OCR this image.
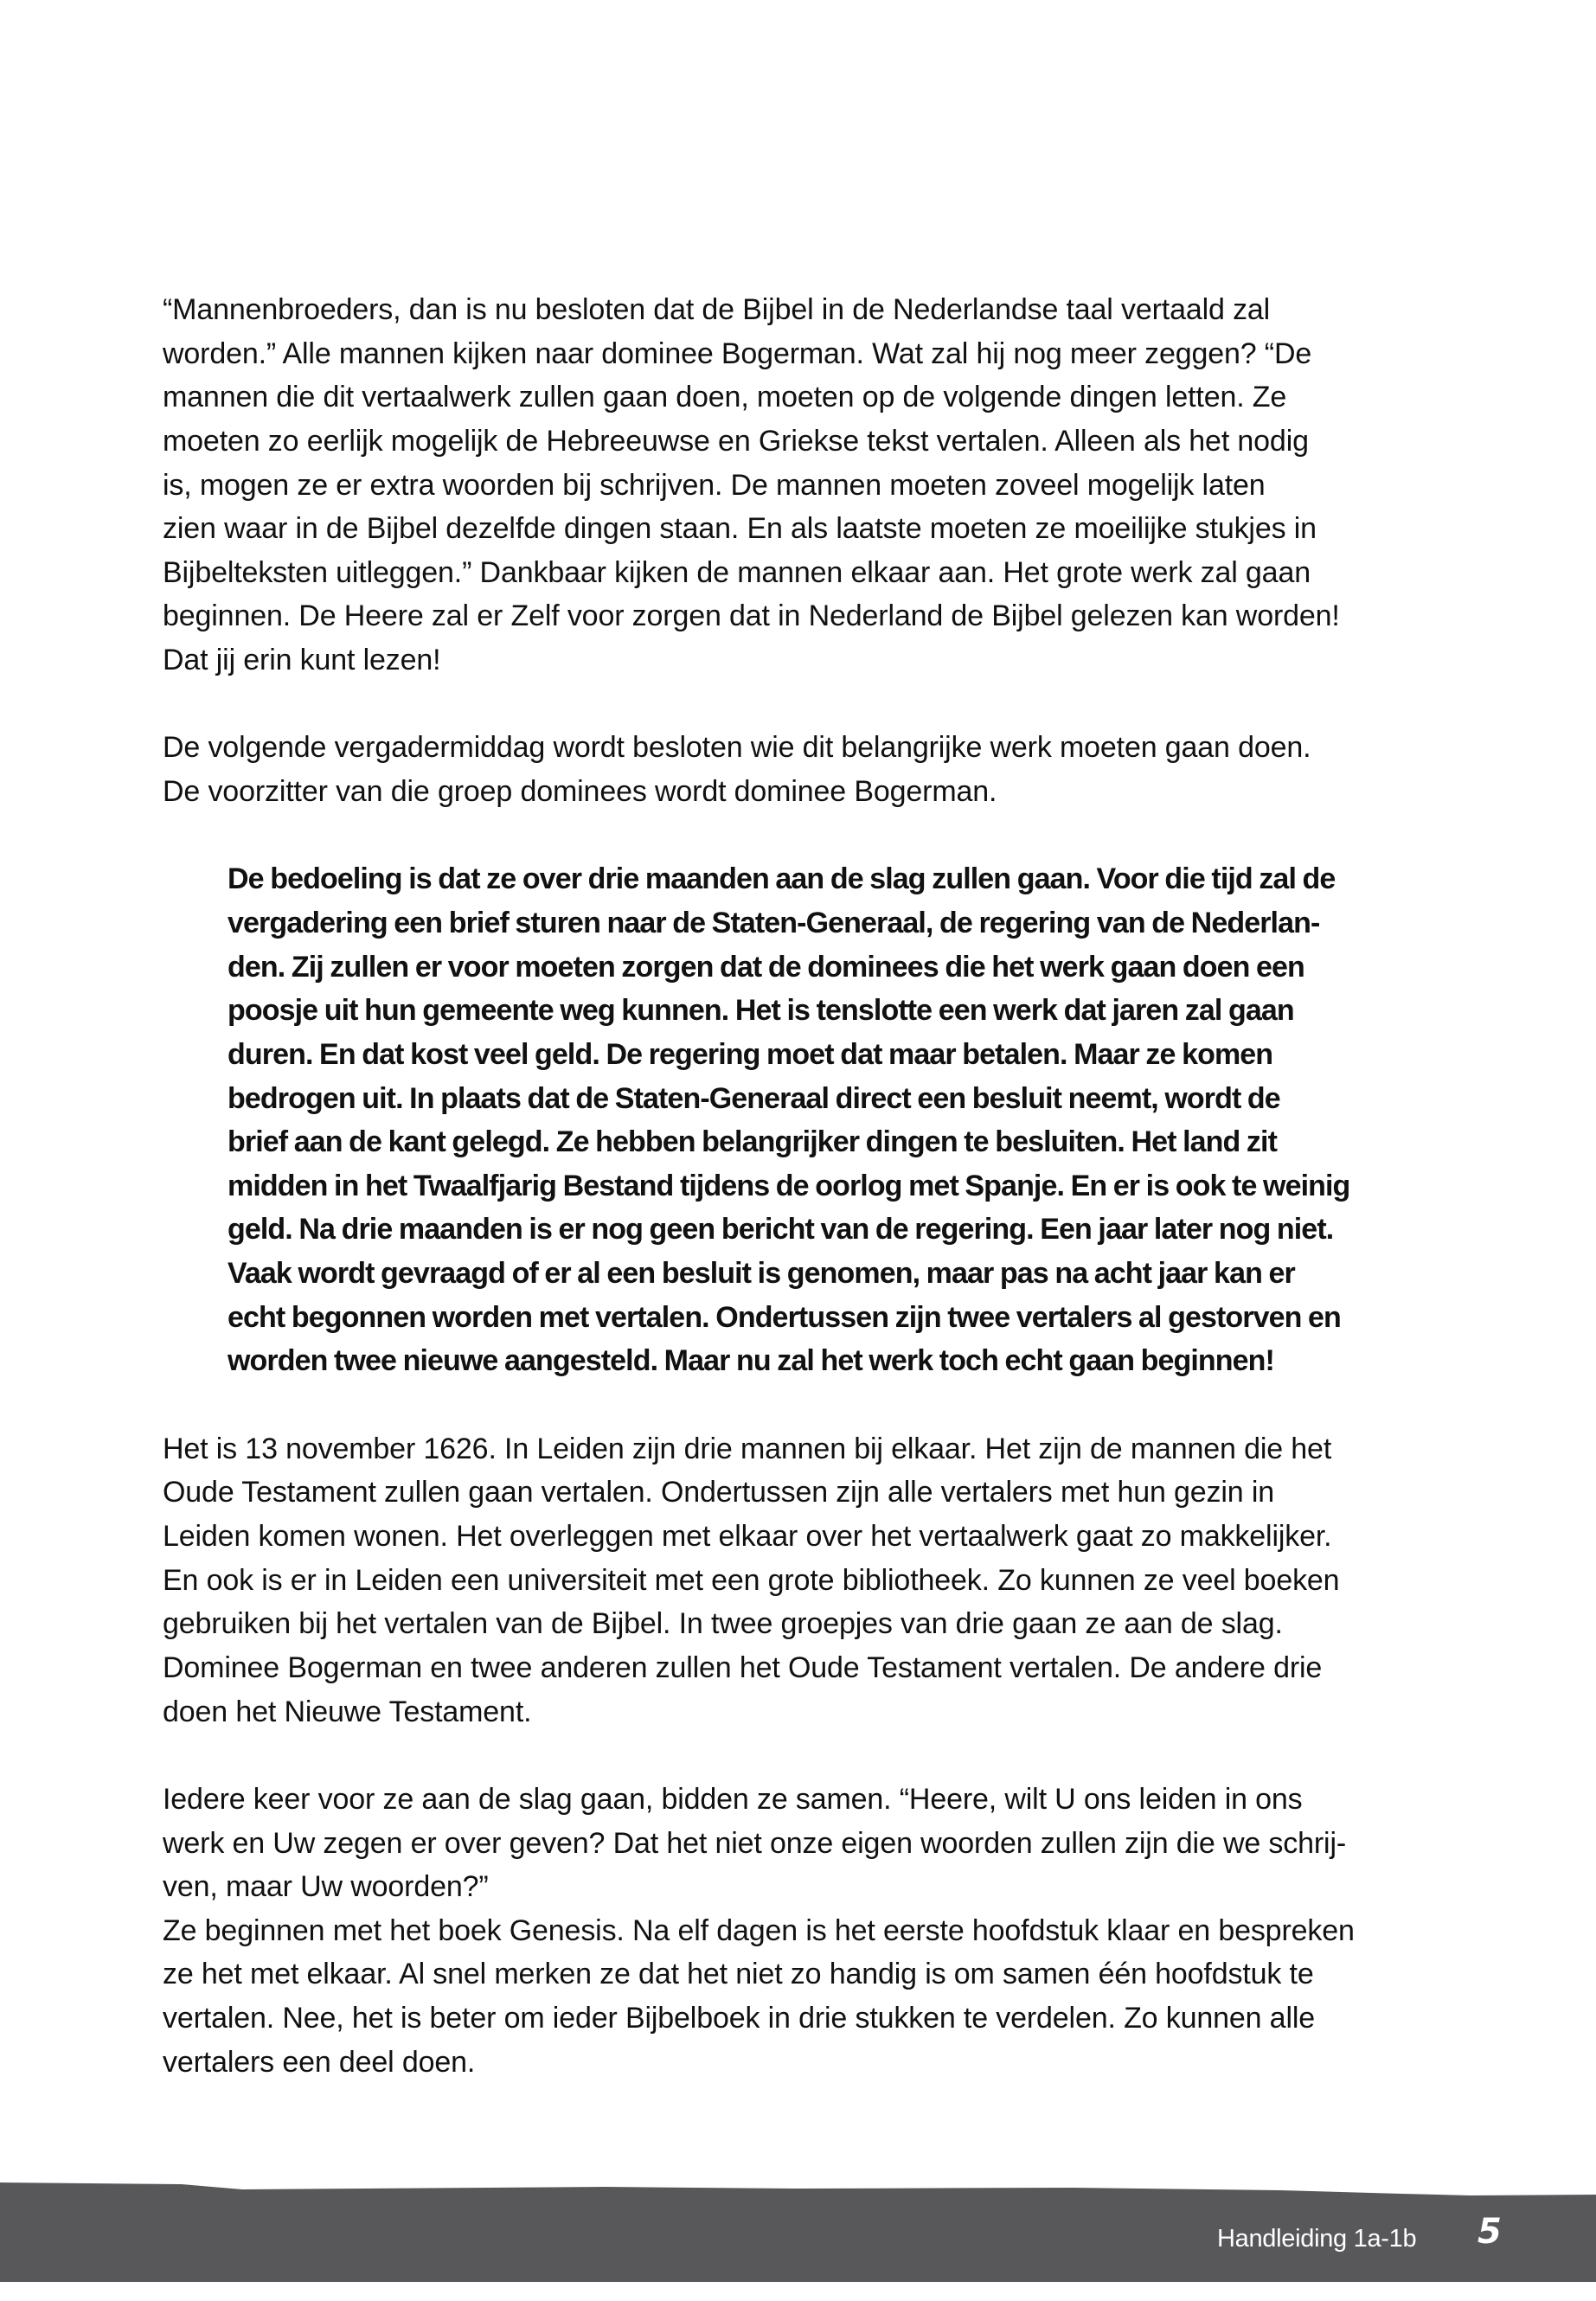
“Mannenbroeders, dan is nu besloten dat de Bijbel in de Nederlandse taal vertaald zal
worden.” Alle mannen kijken naar dominee Bogerman. Wat zal hij nog meer zeggen? “De
mannen die dit vertaalwerk zullen gaan doen, moeten op de volgende dingen letten. Ze
moeten zo eerlijk mogelijk de Hebreeuwse en Griekse tekst vertalen. Alleen als het nodig
is, mogen ze er extra woorden bij schrijven. De mannen moeten zoveel mogelijk laten
zien waar in de Bijbel dezelfde dingen staan. En als laatste moeten ze moeilijke stukjes in
Bijbelteksten uitleggen.” Dankbaar kijken de mannen elkaar aan. Het grote werk zal gaan
beginnen. De Heere zal er Zelf voor zorgen dat in Nederland de Bijbel gelezen kan worden!
Dat jij erin kunt lezen!
De volgende vergadermiddag wordt besloten wie dit belangrijke werk moeten gaan doen.
De voorzitter van die groep dominees wordt dominee Bogerman.
De bedoeling is dat ze over drie maanden aan de slag zullen gaan. Voor die tijd zal de
vergadering een brief sturen naar de Staten-Generaal, de regering van de Nederlan-
den. Zij zullen er voor moeten zorgen dat de dominees die het werk gaan doen een
poosje uit hun gemeente weg kunnen. Het is tenslotte een werk dat jaren zal gaan
duren. En dat kost veel geld. De regering moet dat maar betalen. Maar ze komen
bedrogen uit. In plaats dat de Staten-Generaal direct een besluit neemt, wordt de
brief aan de kant gelegd. Ze hebben belangrijker dingen te besluiten. Het land zit
midden in het Twaalfjarig Bestand tijdens de oorlog met Spanje. En er is ook te weinig
geld. Na drie maanden is er nog geen bericht van de regering. Een jaar later nog niet.
Vaak wordt gevraagd of er al een besluit is genomen, maar pas na acht jaar kan er
echt begonnen worden met vertalen. Ondertussen zijn twee vertalers al gestorven en
worden twee nieuwe aangesteld. Maar nu zal het werk toch echt gaan beginnen!
Het is 13 november 1626. In Leiden zijn drie mannen bij elkaar. Het zijn de mannen die het
Oude Testament zullen gaan vertalen. Ondertussen zijn alle vertalers met hun gezin in
Leiden komen wonen. Het overleggen met elkaar over het vertaalwerk gaat zo makkelijker.
En ook is er in Leiden een universiteit met een grote bibliotheek. Zo kunnen ze veel boeken
gebruiken bij het vertalen van de Bijbel. In twee groepjes van drie gaan ze aan de slag.
Dominee Bogerman en twee anderen zullen het Oude Testament vertalen. De andere drie
doen het Nieuwe Testament.
Iedere keer voor ze aan de slag gaan, bidden ze samen. “Heere, wilt U ons leiden in ons
werk en Uw zegen er over geven? Dat het niet onze eigen woorden zullen zijn die we schrij-
ven, maar Uw woorden?”
Ze beginnen met het boek Genesis. Na elf dagen is het eerste hoofdstuk klaar en bespreken
ze het met elkaar. Al snel merken ze dat het niet zo handig is om samen één hoofdstuk te
vertalen. Nee, het is beter om ieder Bijbelboek in drie stukken te verdelen. Zo kunnen alle
vertalers een deel doen.
Handleiding 1a-1b 5
